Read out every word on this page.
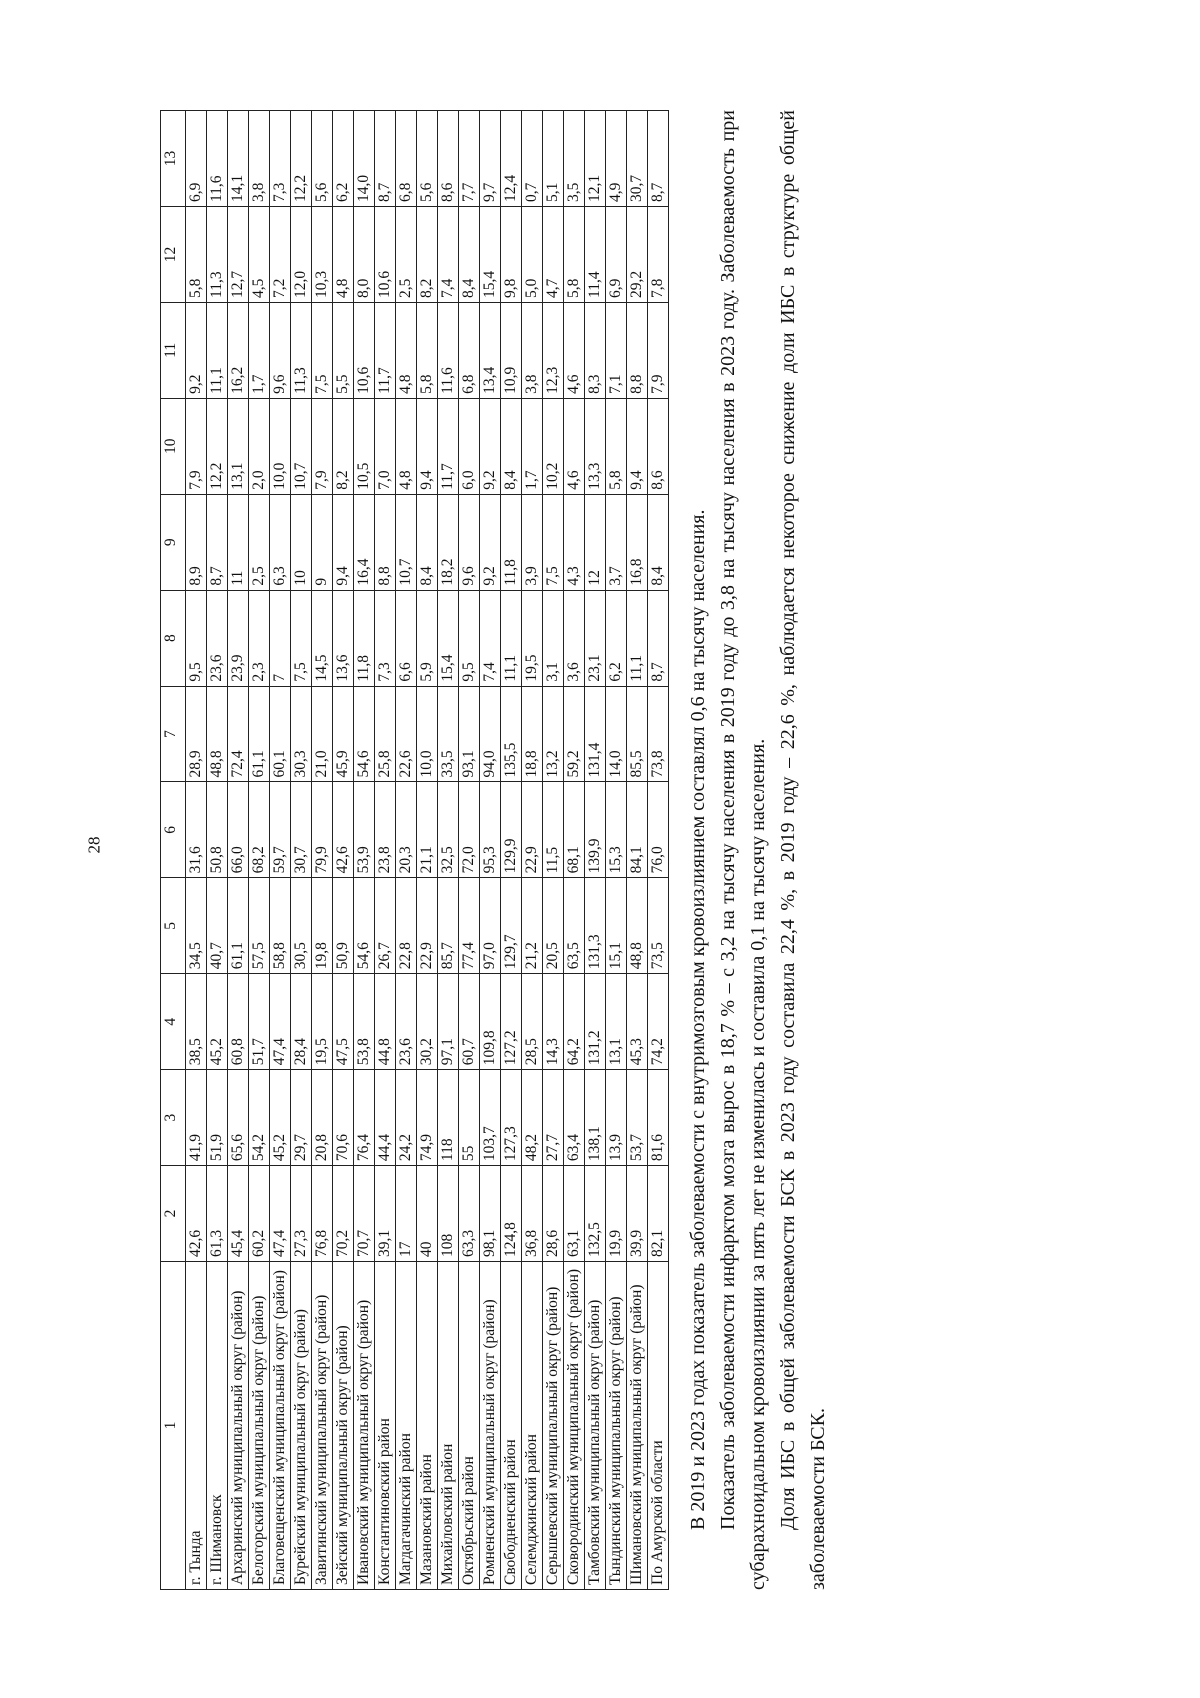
28
1	2	3	4	5	6	7	8	9	10	11	12	13
г. Тында	42,6	41,9	38,5	34,5	31,6	28,9	9,5	8,9	7,9	9,2	5,8	6,9
г. Шимановск	61,3	51,9	45,2	40,7	50,8	48,8	23,6	8,7	12,2	11,1	11,3	11,6
Архаринский муниципальный округ (район)	45,4	65,6	60,8	61,1	66,0	72,4	23,9	11	13,1	16,2	12,7	14,1
Белогорский муниципальный округ (район)	60,2	54,2	51,7	57,5	68,2	61,1	2,3	2,5	2,0	1,7	4,5	3,8
Благовещенский муниципальный округ (район)	47,4	45,2	47,4	58,8	59,7	60,1	7	6,3	10,0	9,6	7,2	7,3
Бурейский муниципальный округ (район)	27,3	29,7	28,4	30,5	30,7	30,3	7,5	10	10,7	11,3	12,0	12,2
Завитинский муниципальный округ (район)	76,8	20,8	19,5	19,8	79,9	21,0	14,5	9	7,9	7,5	10,3	5,6
Зейский муниципальный округ (район)	70,2	70,6	47,5	50,9	42,6	45,9	13,6	9,4	8,2	5,5	4,8	6,2
Ивановский муниципальный округ (район)	70,7	76,4	53,8	54,6	53,9	54,6	11,8	16,4	10,5	10,6	8,0	14,0
Константиновский район	39,1	44,4	44,8	26,7	23,8	25,8	7,3	8,8	7,0	11,7	10,6	8,7
Магдагачинский район	17	24,2	23,6	22,8	20,3	22,6	6,6	10,7	4,8	4,8	2,5	6,8
Мазановский район	40	74,9	30,2	22,9	21,1	10,0	5,9	8,4	9,4	5,8	8,2	5,6
Михайловский район	108	118	97,1	85,7	32,5	33,5	15,4	18,2	11,7	11,6	7,4	8,6
Октябрьский район	63,3	55	60,7	77,4	72,0	93,1	9,5	9,6	6,0	6,8	8,4	7,7
Ромненский муниципальный округ (район)	98,1	103,7	109,8	97,0	95,3	94,0	7,4	9,2	9,2	13,4	15,4	9,7
Свободненский район	124,8	127,3	127,2	129,7	129,9	135,5	11,1	11,8	8,4	10,9	9,8	12,4
Селемджинский район	36,8	48,2	28,5	21,2	22,9	18,8	19,5	3,9	1,7	3,8	5,0	0,7
Серышевский муниципальный округ (район)	28,6	27,7	14,3	20,5	11,5	13,2	3,1	7,5	10,2	12,3	4,7	5,1
Сковородинский муниципальный округ (район)	63,1	63,4	64,2	63,5	68,1	59,2	3,6	4,3	4,6	4,6	5,8	3,5
Тамбовский муниципальный округ (район)	132,5	138,1	131,2	131,3	139,9	131,4	23,1	12	13,3	8,3	11,4	12,1
Тындинский муниципальный округ (район)	19,9	13,9	13,1	15,1	15,3	14,0	6,2	3,7	5,8	7,1	6,9	4,9
Шимановский муниципальный округ (район)	39,9	53,7	45,3	48,8	84,1	85,5	11,1	16,8	9,4	8,8	29,2	30,7
По Амурской области	82,1	81,6	74,2	73,5	76,0	73,8	8,7	8,4	8,6	7,9	7,8	8,7

В 2019 и 2023 годах показатель заболеваемости с внутримозговым кровоизлиянием составлял 0,6 на тысячу населения. Показатель заболеваемости инфарктом мозга вырос в 18,7 % – с 3,2 на тысячу населения в 2019 году до 3,8 на тысячу населения в 2023 году. Заболеваемость при субарахноидальном кровоизлиянии за пять лет не изменилась и составила 0,1 на тысячу населения. Доля ИБС в общей заболеваемости БСК в 2023 году составила 22,4 %, в 2019 году – 22,6 %, наблюдается некоторое снижение доли ИБС в структуре общей заболеваемости БСК.
